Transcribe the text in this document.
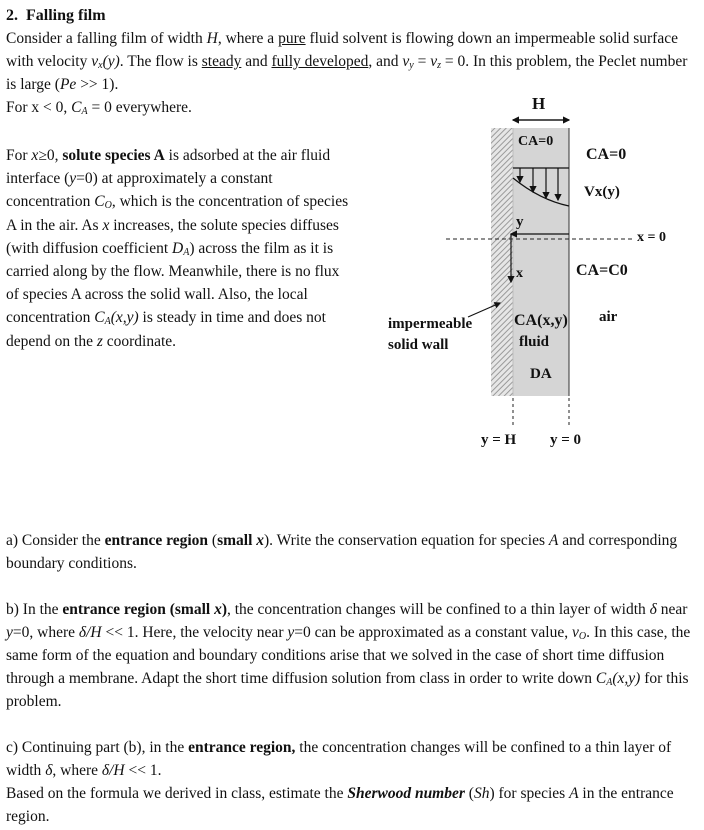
2. Falling film
Consider a falling film of width H, where a pure fluid solvent is flowing down an impermeable solid surface with velocity $v_x(y)$. The flow is steady and fully developed, and $v_y = v_z = 0$. In this problem, the Peclet number is large (Pe >> 1).
For x < 0, $C_A = 0$ everywhere.
For x≥0, solute species A is adsorbed at the air fluid interface (y=0) at approximately a constant concentration $C_O$, which is the concentration of species A in the air. As x increases, the solute species diffuses (with diffusion coefficient $D_A$) across the film as it is carried along by the flow. Meanwhile, there is no flux of species A across the solid wall. Also, the local concentration $C_A(x,y)$ is steady in time and does not depend on the z coordinate.
H
CA=0
CA=0
Vx(y)
y
x = 0
x	CA=C0
impermeable
solid wall
CA(x,y) air
fluid
DA
y = H y = 0
a) Consider the entrance region (small x). Write the conservation equation for species A and corresponding boundary conditions.
b) In the entrance region (small x), the concentration changes will be confined to a thin layer of width δ near y=0, where δ/H << 1. Here, the velocity near y=0 can be approximated as a constant value, $v_O$. In this case, the same form of the equation and boundary conditions arise that we solved in the case of short time diffusion through a membrane. Adapt the short time diffusion solution from class in order to write down $C_A(x,y)$ for this problem.
c) Continuing part (b), in the entrance region, the concentration changes will be confined to a thin layer of width δ, where δ/H << 1.
Based on the formula we derived in class, estimate the Sherwood number (Sh) for species A in the entrance region.
